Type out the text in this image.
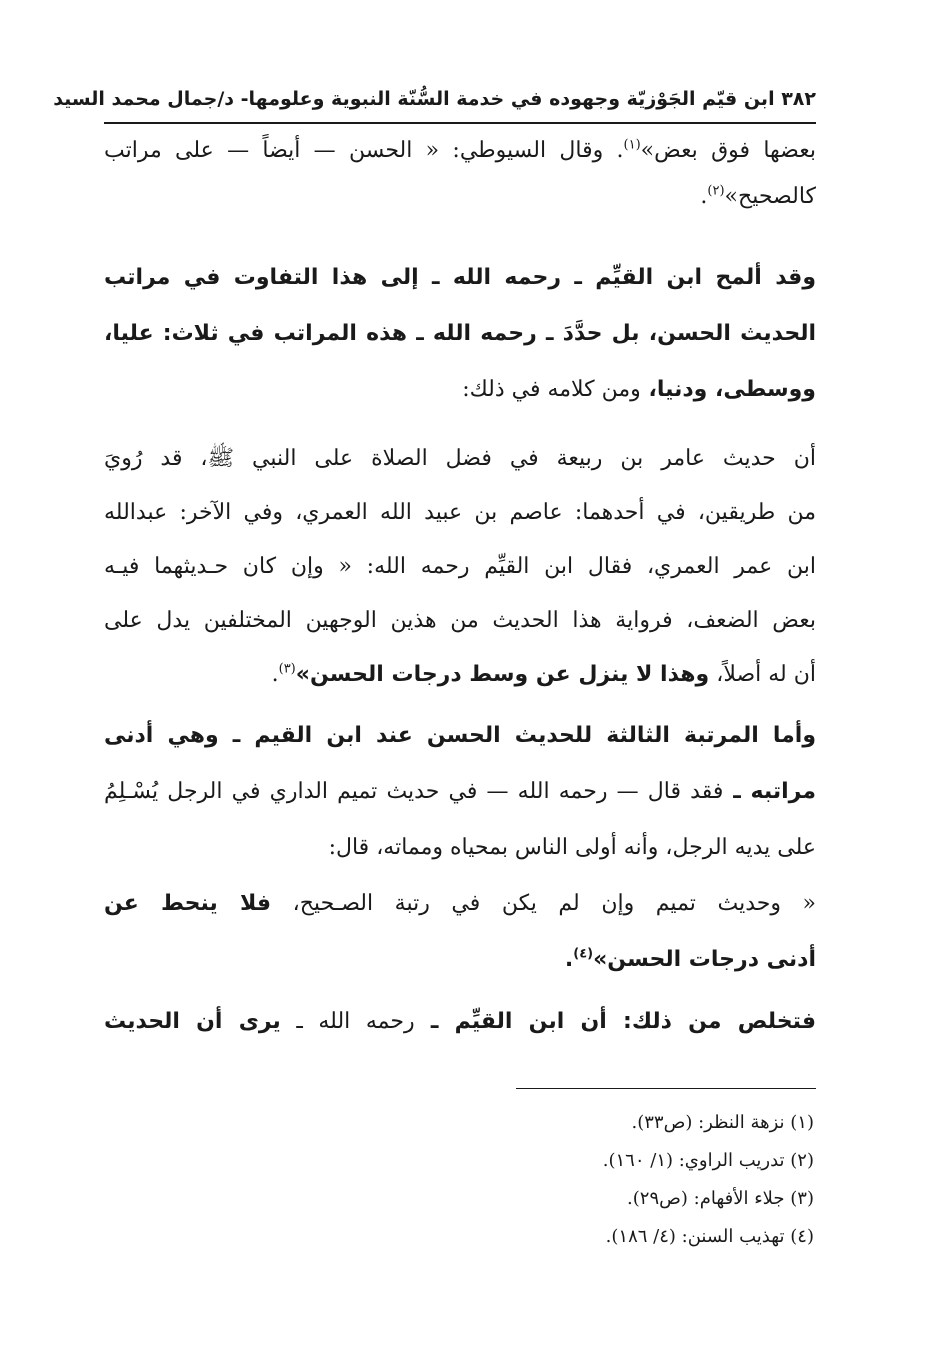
٣٨٢ ابن قيّم الجَوْزيّة وجهوده في خدمة السُّنّة النبوية وعلومها- د/جمال محمد السيد
بعضها فوق بعض»$^{(١)}$. وقال السيوطي: « الحسن — أيضاً — على مراتب
كالصحيح»$^{(٢)}$.
وقد ألمح ابن القيِّم ـ رحمه الله ـ إلى هذا التفاوت في مراتب
الحديث الحسن، بل حدَّدَ ـ رحمه الله ـ هذه المراتب في ثلاث: عليا،
ووسطى، ودنيا، ومن كلامه في ذلك:
أن حديث عامر بن ربيعة في فضل الصلاة على النبي ﷺ، قد رُويَ
من طريقين، في أحدهما: عاصم بن عبيد الله العمري، وفي الآخر: عبدالله
ابن عمر العمري، فقال ابن القيِّم رحمه الله: « وإن كان حـديثهما فيـه
بعض الضعف، فرواية هذا الحديث من هذين الوجهين المختلفين يدل على
أن له أصلاً، وهذا لا ينزل عن وسط درجات الحسن»$^{(٣)}$.
وأما المرتبة الثالثة للحديث الحسن عند ابن القيم ـ وهي أدنى
مراتبه ـ فقد قال — رحمه الله — في حديث تميم الداري في الرجل يُسْـلِمُ
على يديه الرجل، وأنه أولى الناس بمحياه ومماته، قال:
« وحديث تميم وإن لم يكن في رتبة الصـحيح، فلا ينحط عن
أدنى درجات الحسن»$^{(٤)}$.
فتخلص من ذلك: أن ابن القيِّم ـ رحمه الله ـ يرى أن الحديث
(١) نزهة النظر: (ص٣٣).
(٢) تدريب الراوي: (١/ ١٦٠).
(٣) جلاء الأفهام: (ص٢٩).
(٤) تهذيب السنن: (٤/ ١٨٦).
